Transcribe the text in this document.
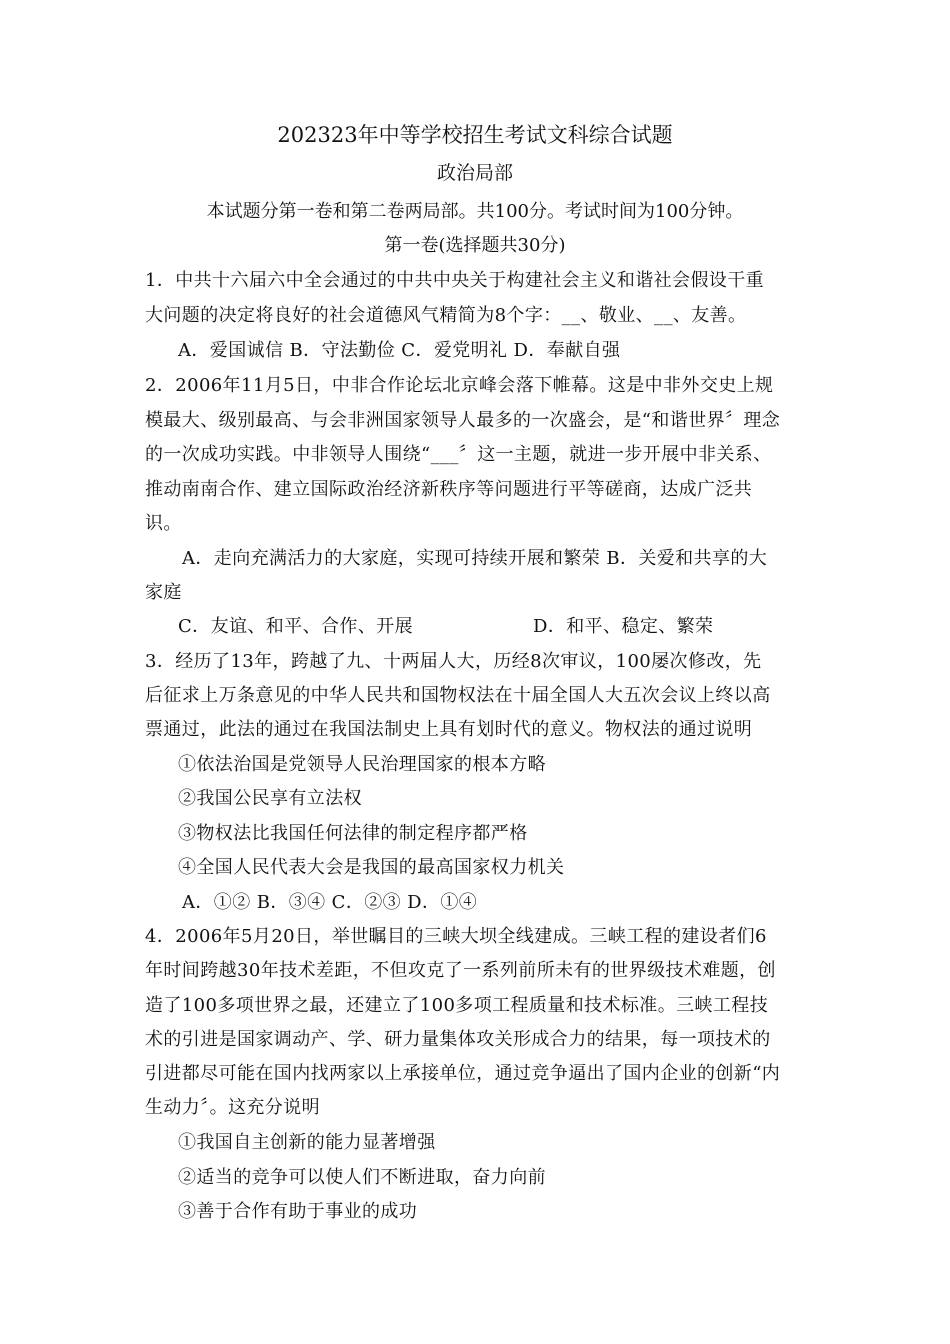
202323年中等学校招生考试文科综合试题
政治局部
本试题分第一卷和第二卷两局部。共100分。考试时间为100分钟。
第一卷(选择题共30分)
1．中共十六届六中全会通过的中共中央关于构建社会主义和谐社会假设干重
大问题的决定将良好的社会道德风气精简为8个字：__、敬业、__、友善。
A．爱国诚信 B．守法勤俭 C．爱党明礼 D．奉献自强
2．2006年11月5日，中非合作论坛北京峰会落下帷幕。这是中非外交史上规
模最大、级别最高、与会非洲国家领导人最多的一次盛会，是“和谐世界〞理念
的一次成功实践。中非领导人围绕“___〞这一主题，就进一步开展中非关系、
推动南南合作、建立国际政治经济新秩序等问题进行平等磋商，达成广泛共
识。
A．走向充满活力的大家庭，实现可持续开展和繁荣 B．关爱和共享的大
家庭
C．友谊、和平、合作、开展	D．和平、稳定、繁荣
3．经历了13年，跨越了九、十两届人大，历经8次审议，100屡次修改，先
后征求上万条意见的中华人民共和国物权法在十届全国人大五次会议上终以高
票通过，此法的通过在我国法制史上具有划时代的意义。物权法的通过说明
①依法治国是党领导人民治理国家的根本方略
②我国公民享有立法权
③物权法比我国任何法律的制定程序都严格
④全国人民代表大会是我国的最高国家权力机关
A．①② B．③④ C．②③ D．①④
4．2006年5月20日，举世瞩目的三峡大坝全线建成。三峡工程的建设者们6
年时间跨越30年技术差距，不但攻克了一系列前所未有的世界级技术难题，创
造了100多项世界之最，还建立了100多项工程质量和技术标准。三峡工程技
术的引进是国家调动产、学、研力量集体攻关形成合力的结果，每一项技术的
引进都尽可能在国内找两家以上承接单位，通过竞争逼出了国内企业的创新“内
生动力〞。这充分说明
①我国自主创新的能力显著增强
②适当的竞争可以使人们不断进取，奋力向前
③善于合作有助于事业的成功
